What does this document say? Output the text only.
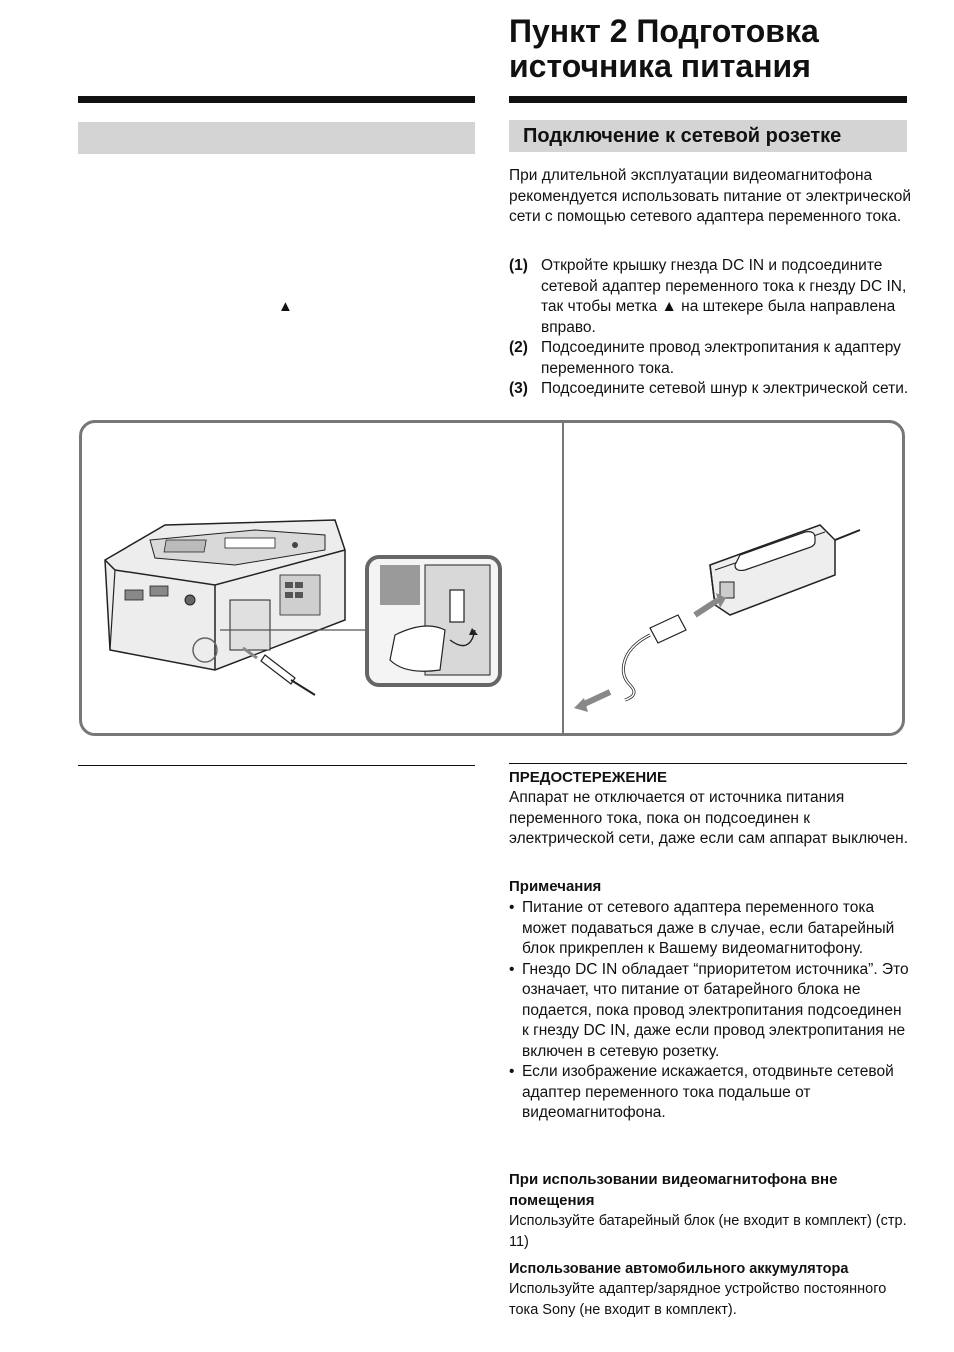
Пункт 2 Подготовка источника питания
Подключение к сетевой розетке
▲
При длительной эксплуатации видеомагнитофона рекомендуется использовать питание от электрической сети с помощью сетевого адаптера переменного тока.
(1) Откройте крышку гнезда DC IN и подсоедините сетевой адаптер переменного тока к гнезду DC IN, так чтобы метка ▲ на штекере была направлена вправо.
(2) Подсоедините провод электропитания к адаптеру переменного тока.
(3) Подсоедините сетевой шнур к электрической сети.
ПРЕДОСТЕРЕЖЕНИЕ
Аппарат не отключается от источника питания переменного тока, пока он подсоединен к электрической сети, даже если сам аппарат выключен.
Примечания
• Питание от сетевого адаптера переменного тока может подаваться даже в случае, если батарейный блок прикреплен к Вашему видеомагнитофону.
• Гнездо DC IN обладает “приоритетом источника”. Это означает, что питание от батарейного блока не подается, пока провод электропитания подсоединен к гнезду DC IN, даже если провод электропитания не включен в сетевую розетку.
• Если изображение искажается, отодвиньте сетевой адаптер переменного тока подальше от видеомагнитофона.
При использовании видеомагнитофона вне помещения
Используйте батарейный блок (не входит в комплект) (стр. 11)
Использование автомобильного аккумулятора
Используйте адаптер/зарядное устройство постоянного тока Sony (не входит в комплект).
